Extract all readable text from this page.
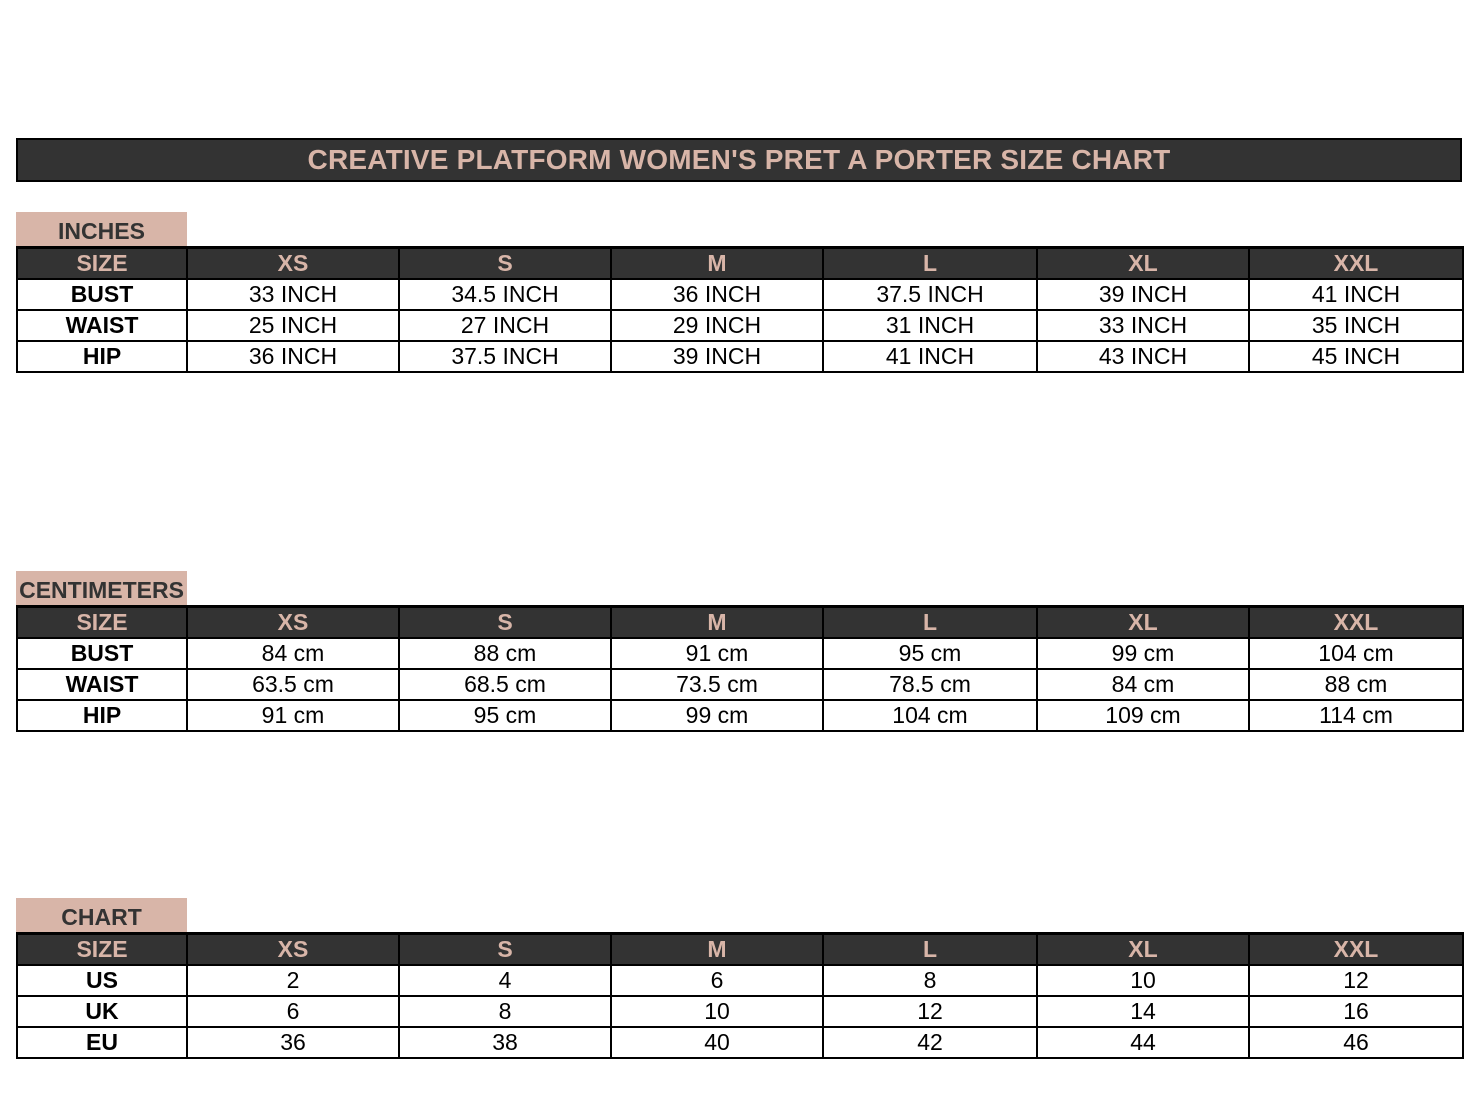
CREATIVE PLATFORM WOMEN'S PRET A PORTER SIZE CHART
INCHES
SIZE	XS	S	M	L	XL	XXL
BUST	33 INCH	34.5 INCH	36 INCH	37.5 INCH	39 INCH	41 INCH
WAIST	25 INCH	27 INCH	29 INCH	31 INCH	33 INCH	35 INCH
HIP	36 INCH	37.5 INCH	39 INCH	41 INCH	43 INCH	45 INCH
CENTIMETERS
SIZE	XS	S	M	L	XL	XXL
BUST	84 cm	88 cm	91 cm	95 cm	99 cm	104 cm
WAIST	63.5 cm	68.5 cm	73.5 cm	78.5 cm	84 cm	88 cm
HIP	91 cm	95 cm	99 cm	104 cm	109 cm	114 cm
CHART
SIZE	XS	S	M	L	XL	XXL
US	2	4	6	8	10	12
UK	6	8	10	12	14	16
EU	36	38	40	42	44	46
